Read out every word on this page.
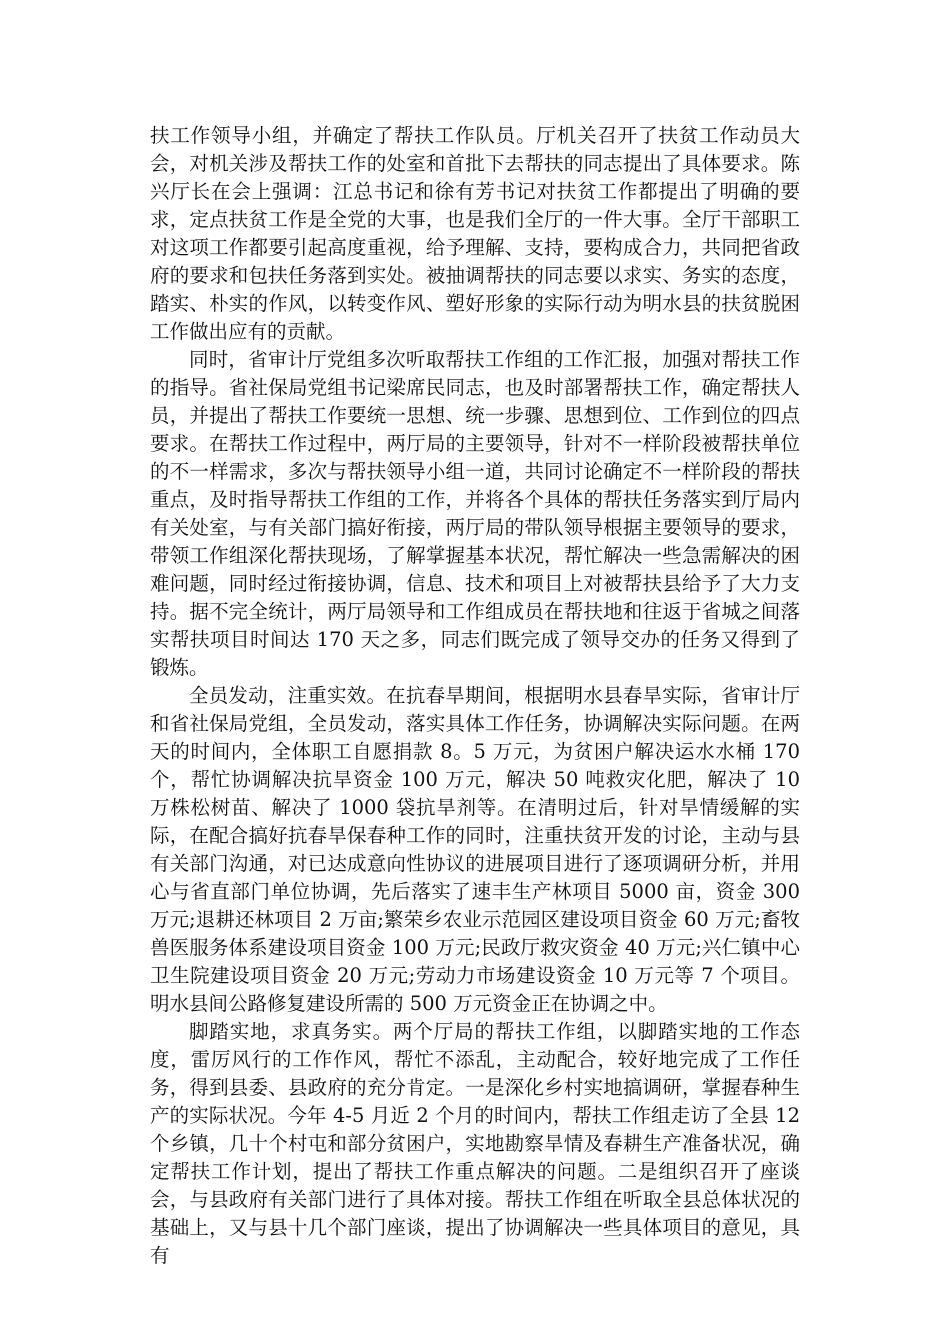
扶工作领导小组，并确定了帮扶工作队员。厅机关召开了扶贫工作动员大会，对机关涉及帮扶工作的处室和首批下去帮扶的同志提出了具体要求。陈兴厅长在会上强调：江总书记和徐有芳书记对扶贫工作都提出了明确的要求，定点扶贫工作是全党的大事，也是我们全厅的一件大事。全厅干部职工对这项工作都要引起高度重视，给予理解、支持，要构成合力，共同把省政府的要求和包扶任务落到实处。被抽调帮扶的同志要以求实、务实的态度，踏实、朴实的作风，以转变作风、塑好形象的实际行动为明水县的扶贫脱困工作做出应有的贡献。

同时，省审计厅党组多次听取帮扶工作组的工作汇报，加强对帮扶工作的指导。省社保局党组书记梁席民同志，也及时部署帮扶工作，确定帮扶人员，并提出了帮扶工作要统一思想、统一步骤、思想到位、工作到位的四点要求。在帮扶工作过程中，两厅局的主要领导，针对不一样阶段被帮扶单位的不一样需求，多次与帮扶领导小组一道，共同讨论确定不一样阶段的帮扶重点，及时指导帮扶工作组的工作，并将各个具体的帮扶任务落实到厅局内有关处室，与有关部门搞好衔接，两厅局的带队领导根据主要领导的要求，带领工作组深化帮扶现场，了解掌握基本状况，帮忙解决一些急需解决的困难问题，同时经过衔接协调，信息、技术和项目上对被帮扶县给予了大力支持。据不完全统计，两厅局领导和工作组成员在帮扶地和往返于省城之间落实帮扶项目时间达 170 天之多，同志们既完成了领导交办的任务又得到了锻炼。

全员发动，注重实效。在抗春旱期间，根据明水县春旱实际，省审计厅和省社保局党组，全员发动，落实具体工作任务，协调解决实际问题。在两天的时间内，全体职工自愿捐款 8。5 万元，为贫困户解决运水水桶 170 个，帮忙协调解决抗旱资金 100 万元，解决 50 吨救灾化肥，解决了 10 万株松树苗、解决了 1000 袋抗旱剂等。在清明过后，针对旱情缓解的实际，在配合搞好抗春旱保春种工作的同时，注重扶贫开发的讨论，主动与县有关部门沟通，对已达成意向性协议的进展项目进行了逐项调研分析，并用心与省直部门单位协调，先后落实了速丰生产林项目 5000 亩，资金 300 万元;退耕还林项目 2 万亩;繁荣乡农业示范园区建设项目资金 60 万元;畜牧兽医服务体系建设项目资金 100 万元;民政厅救灾资金 40 万元;兴仁镇中心卫生院建设项目资金 20 万元;劳动力市场建设资金 10 万元等 7 个项目。明水县间公路修复建设所需的 500 万元资金正在协调之中。

脚踏实地，求真务实。两个厅局的帮扶工作组，以脚踏实地的工作态度，雷厉风行的工作作风，帮忙不添乱，主动配合，较好地完成了工作任务，得到县委、县政府的充分肯定。一是深化乡村实地搞调研，掌握春种生产的实际状况。今年 4-5 月近 2 个月的时间内，帮扶工作组走访了全县 12 个乡镇，几十个村屯和部分贫困户，实地勘察旱情及春耕生产准备状况，确定帮扶工作计划，提出了帮扶工作重点解决的问题。二是组织召开了座谈会，与县政府有关部门进行了具体对接。帮扶工作组在听取全县总体状况的基础上，又与县十几个部门座谈，提出了协调解决一些具体项目的意见，具有
